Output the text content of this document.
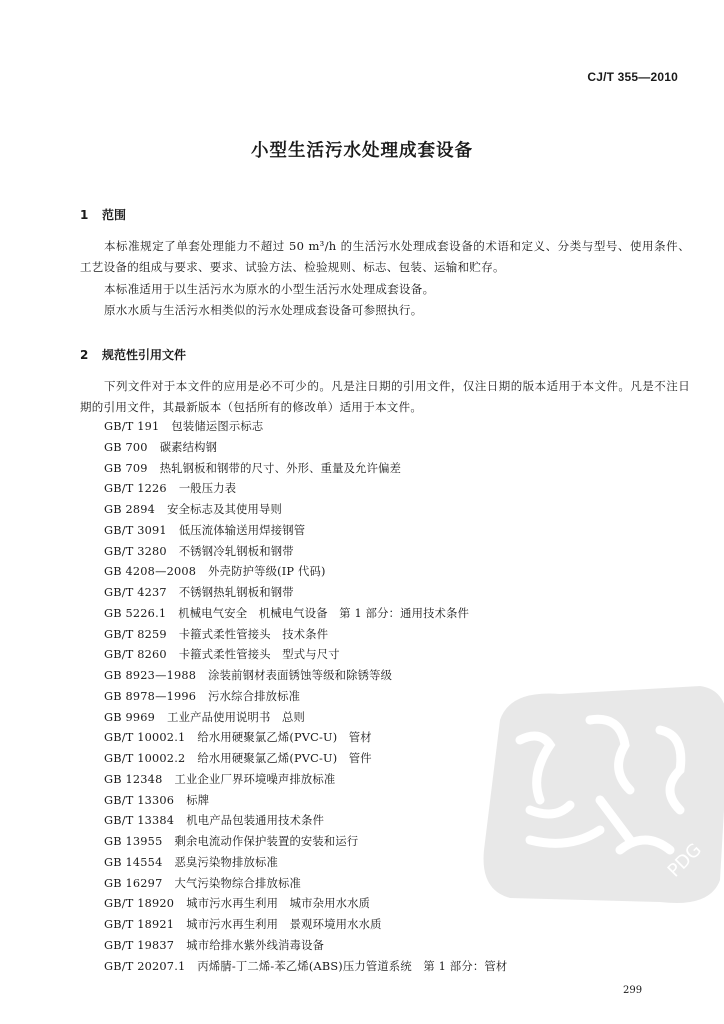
CJ/T 355—2010
小型生活污水处理成套设备
1 范围

本标准规定了单套处理能力不超过 50 m³/h 的生活污水处理成套设备的术语和定义、分类与型号、使用条件、工艺设备的组成与要求、要求、试验方法、检验规则、标志、包装、运输和贮存。

本标准适用于以生活污水为原水的小型生活污水处理成套设备。

原水水质与生活污水相类似的污水处理成套设备可参照执行。

2 规范性引用文件

下列文件对于本文件的应用是必不可少的。凡是注日期的引用文件，仅注日期的版本适用于本文件。凡是不注日期的引用文件，其最新版本（包括所有的修改单）适用于本文件。

GB/T 191 包装储运图示标志
GB 700 碳素结构钢
GB 709 热轧钢板和钢带的尺寸、外形、重量及允许偏差
GB/T 1226 一般压力表
GB 2894 安全标志及其使用导则
GB/T 3091 低压流体输送用焊接钢管
GB/T 3280 不锈钢冷轧钢板和钢带
GB 4208—2008 外壳防护等级(IP 代码)
GB/T 4237 不锈钢热轧钢板和钢带
GB 5226.1 机械电气安全　机械电气设备　第 1 部分：通用技术条件
GB/T 8259 卡箍式柔性管接头　技术条件
GB/T 8260 卡箍式柔性管接头　型式与尺寸
GB 8923—1988 涂装前钢材表面锈蚀等级和除锈等级
GB 8978—1996 污水综合排放标准
GB 9969 工业产品使用说明书　总则
GB/T 10002.1 给水用硬聚氯乙烯(PVC-U)　管材
GB/T 10002.2 给水用硬聚氯乙烯(PVC-U)　管件
GB 12348 工业企业厂界环境噪声排放标准
GB/T 13306 标牌
GB/T 13384 机电产品包装通用技术条件
GB 13955 剩余电流动作保护装置的安装和运行
GB 14554 恶臭污染物排放标准
GB 16297 大气污染物综合排放标准
GB/T 18920 城市污水再生利用　城市杂用水水质
GB/T 18921 城市污水再生利用　景观环境用水水质
GB/T 19837 城市给排水紫外线消毒设备
GB/T 20207.1 丙烯腈-丁二烯-苯乙烯(ABS)压力管道系统　第 1 部分：管材
PDG
299
